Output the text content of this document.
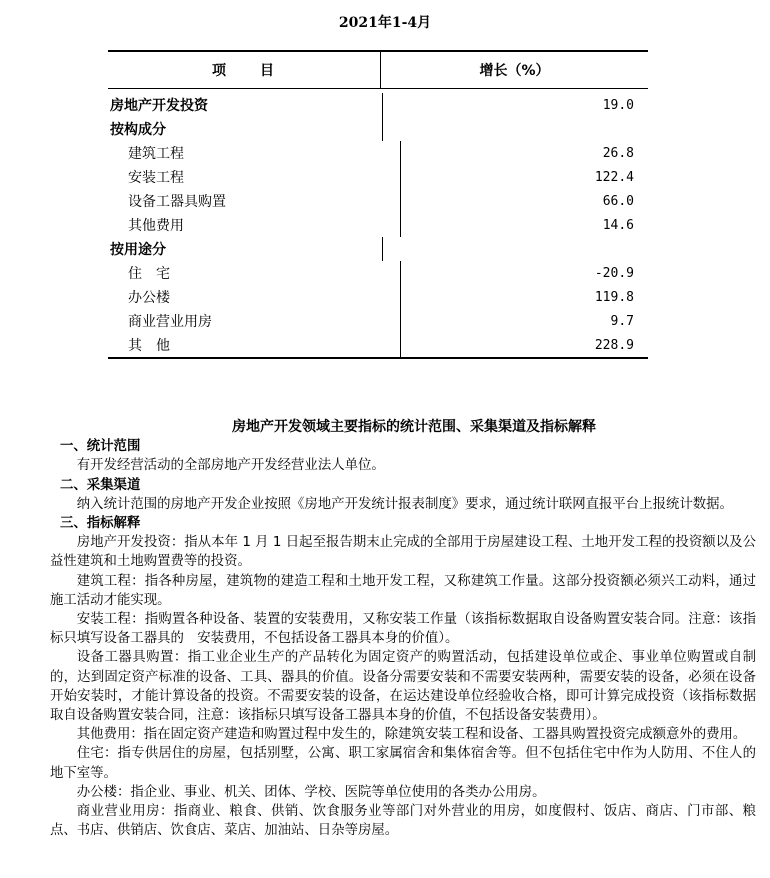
2021年1-4月
项　　目	增长（%）
房地产开发投资	19.0
按构成分
建筑工程	26.8
安装工程	122.4
设备工器具购置	66.0
其他费用	14.6
按用途分
住　宅	-20.9
办公楼	119.8
商业营业用房	9.7
其　他	228.9
房地产开发领域主要指标的统计范围、采集渠道及指标解释
一、统计范围

有开发经营活动的全部房地产开发经营业法人单位。

二、采集渠道

纳入统计范围的房地产开发企业按照《房地产开发统计报表制度》要求，通过统计联网直报平台上报统计数据。

三、指标解释

房地产开发投资：指从本年 1 月 1 日起至报告期末止完成的全部用于房屋建设工程、土地开发工程的投资额以及公益性建筑和土地购置费等的投资。

建筑工程：指各种房屋，建筑物的建造工程和土地开发工程，又称建筑工作量。这部分投资额必须兴工动料，通过施工活动才能实现。

安装工程：指购置各种设备、装置的安装费用，又称安装工作量（该指标数据取自设备购置安装合同。注意：该指标只填写设备工器具的　安装费用，不包括设备工器具本身的价值）。

设备工器具购置：指工业企业生产的产品转化为固定资产的购置活动，包括建设单位或企、事业单位购置或自制的，达到固定资产标准的设备、工具、器具的价值。设备分需要安装和不需要安装两种，需要安装的设备，必须在设备开始安装时，才能计算设备的投资。不需要安装的设备，在运达建设单位经验收合格，即可计算完成投资（该指标数据取自设备购置安装合同，注意：该指标只填写设备工器具本身的价值，不包括设备安装费用）。

其他费用：指在固定资产建造和购置过程中发生的，除建筑安装工程和设备、工器具购置投资完成额意外的费用。

住宅：指专供居住的房屋，包括别墅，公寓、职工家属宿舍和集体宿舍等。但不包括住宅中作为人防用、不住人的地下室等。

办公楼：指企业、事业、机关、团体、学校、医院等单位使用的各类办公用房。

商业营业用房：指商业、粮食、供销、饮食服务业等部门对外营业的用房，如度假村、饭店、商店、门市部、粮点、书店、供销店、饮食店、菜店、加油站、日杂等房屋。
